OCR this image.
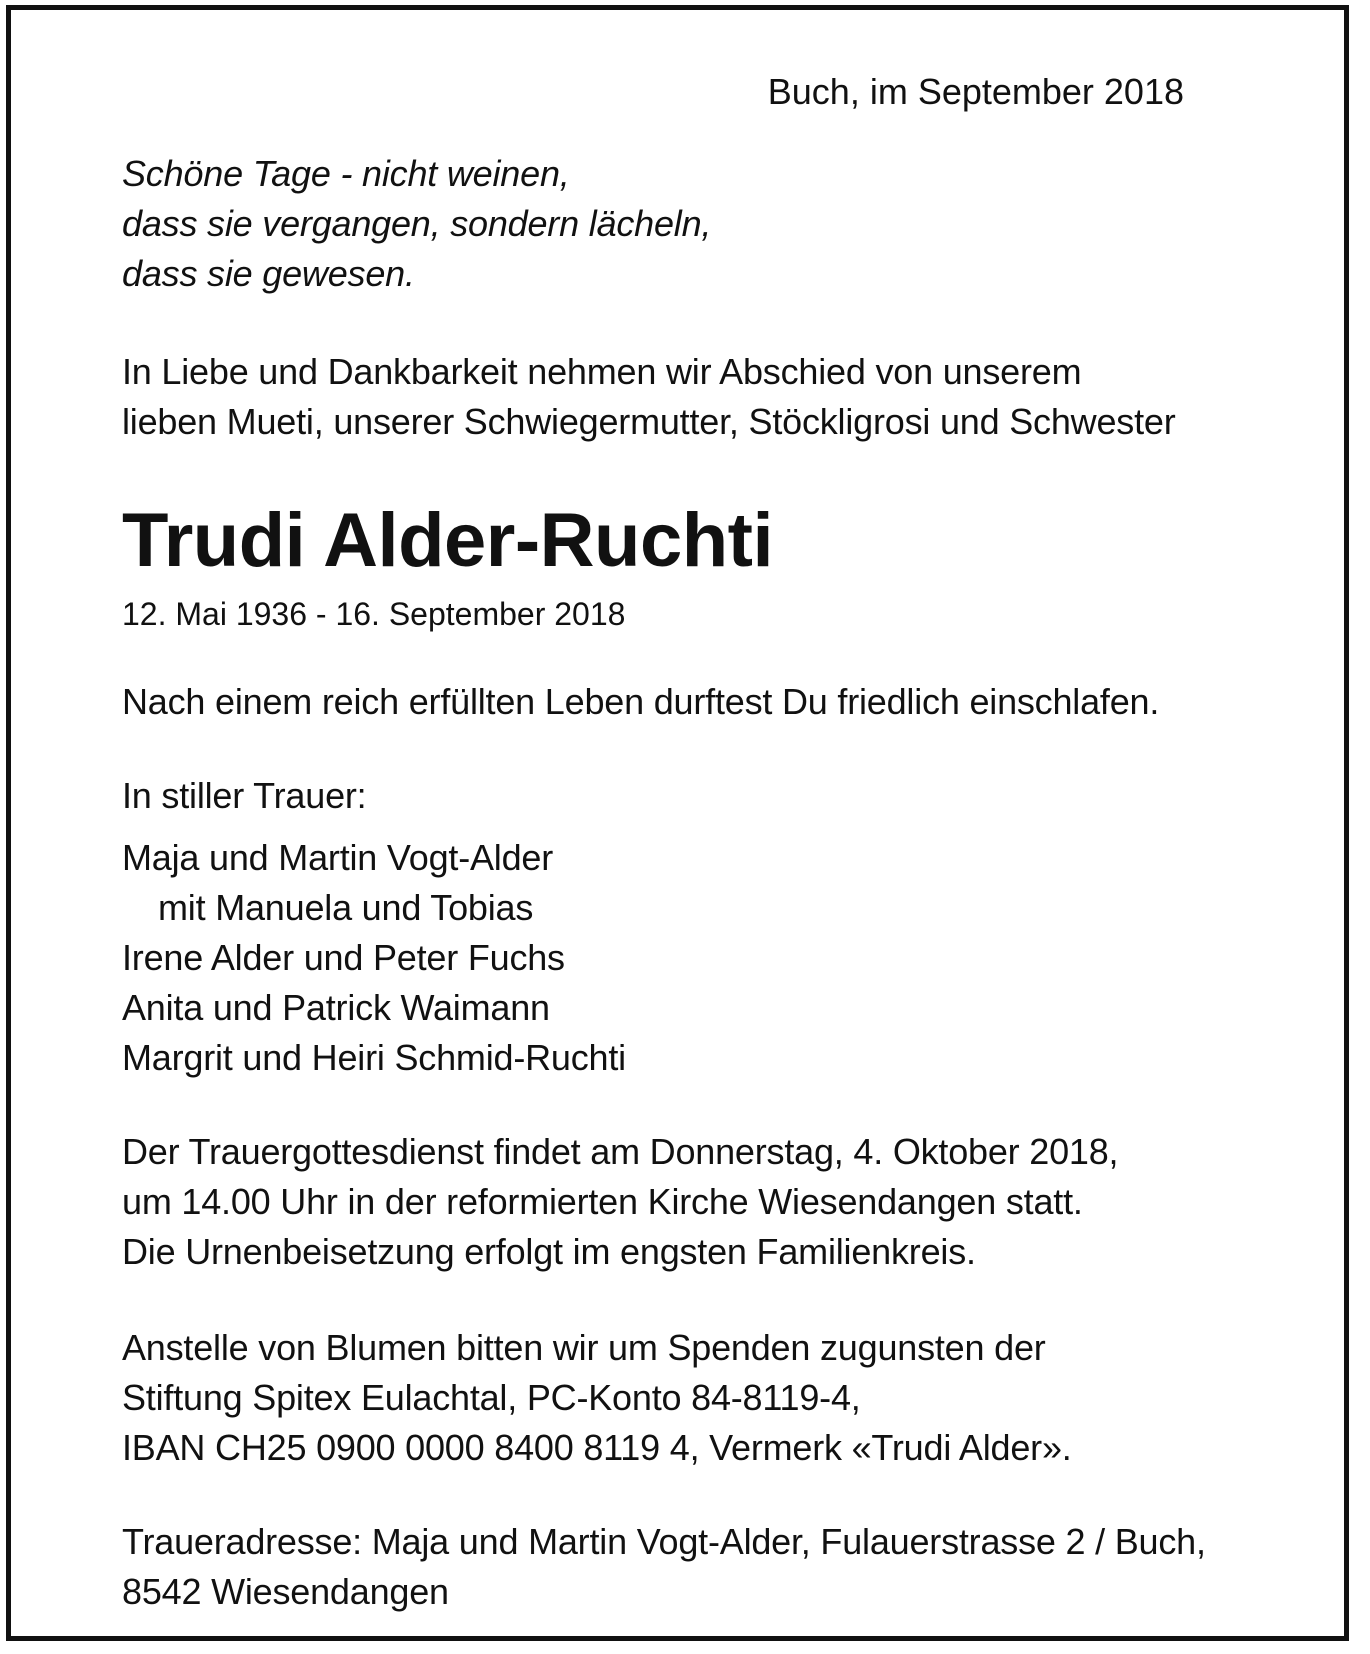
Buch, im September 2018
Schöne Tage - nicht weinen,
dass sie vergangen, sondern lächeln,
dass sie gewesen.
In Liebe und Dankbarkeit nehmen wir Abschied von unserem
lieben Mueti, unserer Schwiegermutter, Stöckligrosi und Schwester
Trudi Alder-Ruchti
12. Mai 1936 - 16. September 2018
Nach einem reich erfüllten Leben durftest Du friedlich einschlafen.
In stiller Trauer:
Maja und Martin Vogt-Alder
mit Manuela und Tobias
Irene Alder und Peter Fuchs
Anita und Patrick Waimann
Margrit und Heiri Schmid-Ruchti
Der Trauergottesdienst findet am Donnerstag, 4. Oktober 2018,
um 14.00 Uhr in der reformierten Kirche Wiesendangen statt.
Die Urnenbeisetzung erfolgt im engsten Familienkreis.
Anstelle von Blumen bitten wir um Spenden zugunsten der
Stiftung Spitex Eulachtal, PC-Konto 84-8119-4,
IBAN CH25 0900 0000 8400 8119 4, Vermerk «Trudi Alder».
Traueradresse: Maja und Martin Vogt-Alder, Fulauerstrasse 2 / Buch,
8542 Wiesendangen
